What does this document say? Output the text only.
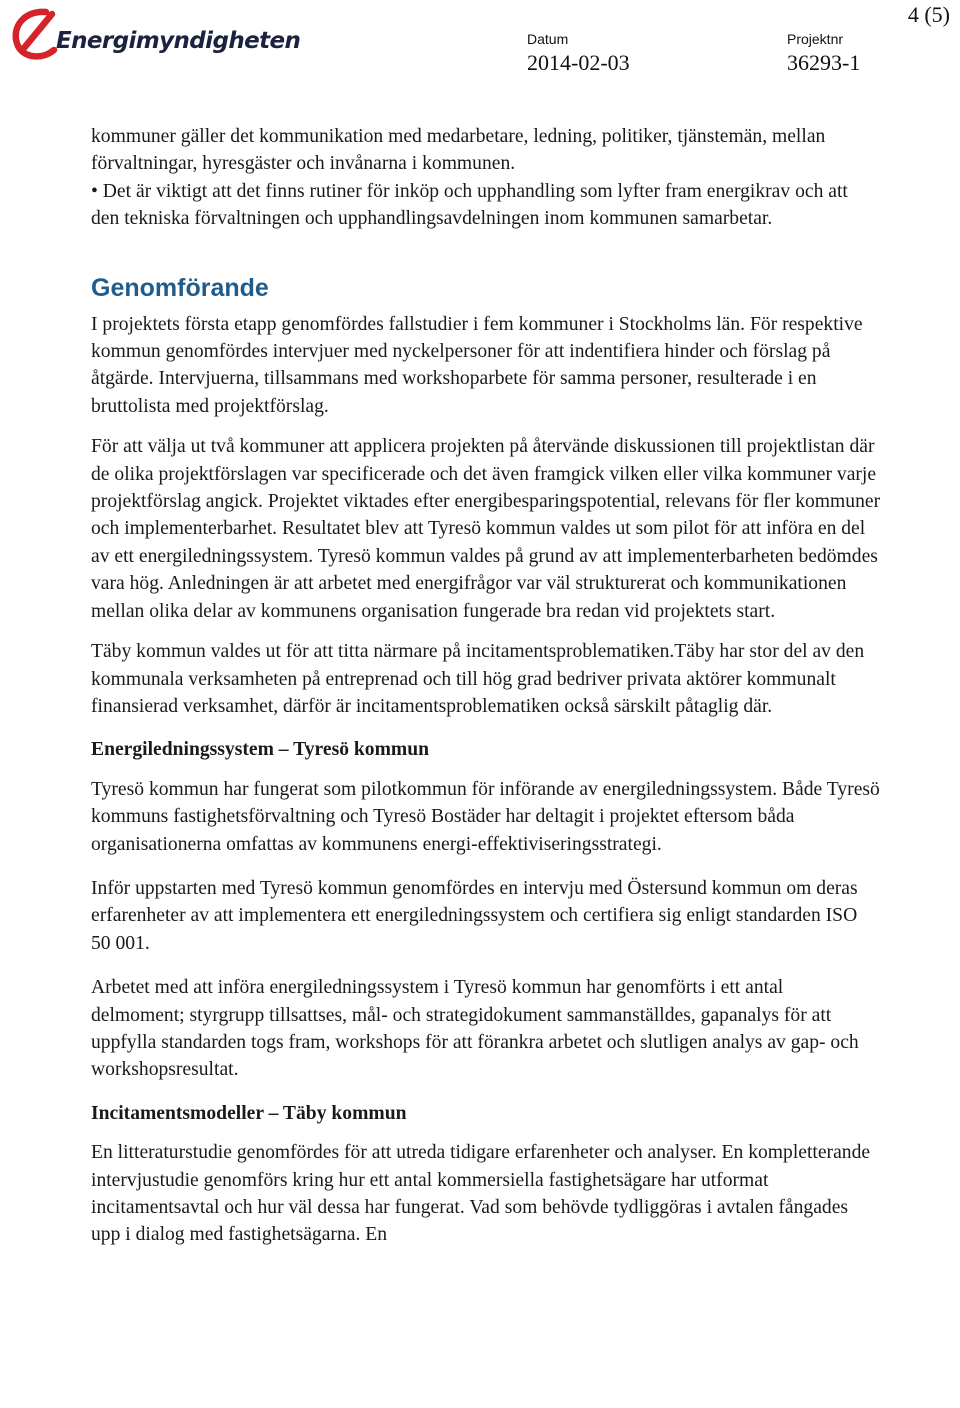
Energimyndigheten	Datum
2014-02-03
Projektnr
36293-1
4 (5)

kommuner gäller det kommunikation med medarbetare, ledning, politiker, tjänstemän, mellan förvaltningar, hyresgäster och invånarna i kommunen.

• Det är viktigt att det finns rutiner för inköp och upphandling som lyfter fram energikrav och att den tekniska förvaltningen och upphandlingsavdelningen inom kommunen samarbetar.

Genomförande

I projektets första etapp genomfördes fallstudier i fem kommuner i Stockholms län. För respektive kommun genomfördes intervjuer med nyckelpersoner för att indentifiera hinder och förslag på åtgärde. Intervjuerna, tillsammans med workshoparbete för samma personer, resulterade i en bruttolista med projektförslag.

För att välja ut två kommuner att applicera projekten på återvände diskussionen till projektlistan där de olika projektförslagen var specificerade och det även framgick vilken eller vilka kommuner varje projektförslag angick. Projektet viktades efter energibesparingspotential, relevans för fler kommuner och implementerbarhet. Resultatet blev att Tyresö kommun valdes ut som pilot för att införa en del av ett energiledningssystem. Tyresö kommun valdes på grund av att implementerbarheten bedömdes vara hög. Anledningen är att arbetet med energifrågor var väl strukturerat och kommunikationen mellan olika delar av kommunens organisation fungerade bra redan vid projektets start.

Täby kommun valdes ut för att titta närmare på incitamentsproblematiken.Täby har stor del av den kommunala verksamheten på entreprenad och till hög grad bedriver privata aktörer kommunalt finansierad verksamhet, därför är incitamentsproblematiken också särskilt påtaglig där.

Energiledningssystem – Tyresö kommun

Tyresö kommun har fungerat som pilotkommun för införande av energiledningssystem. Både Tyresö kommuns fastighetsförvaltning och Tyresö Bostäder har deltagit i projektet eftersom båda organisationerna omfattas av kommunens energi-effektiviseringsstrategi.

Inför uppstarten med Tyresö kommun genomfördes en intervju med Östersund kommun om deras erfarenheter av att implementera ett energiledningssystem och certifiera sig enligt standarden ISO 50 001.

Arbetet med att införa energiledningssystem i Tyresö kommun har genomförts i ett antal delmoment; styrgrupp tillsattses, mål- och strategidokument sammanställdes, gapanalys för att uppfylla standarden togs fram, workshops för att förankra arbetet och slutligen analys av gap- och workshopsresultat.

Incitamentsmodeller – Täby kommun

En litteraturstudie genomfördes för att utreda tidigare erfarenheter och analyser. En kompletterande intervjustudie genomförs kring hur ett antal kommersiella fastighetsägare har utformat incitamentsavtal och hur väl dessa har fungerat. Vad som behövde tydliggöras i avtalen fångades upp i dialog med fastighetsägarna. En
